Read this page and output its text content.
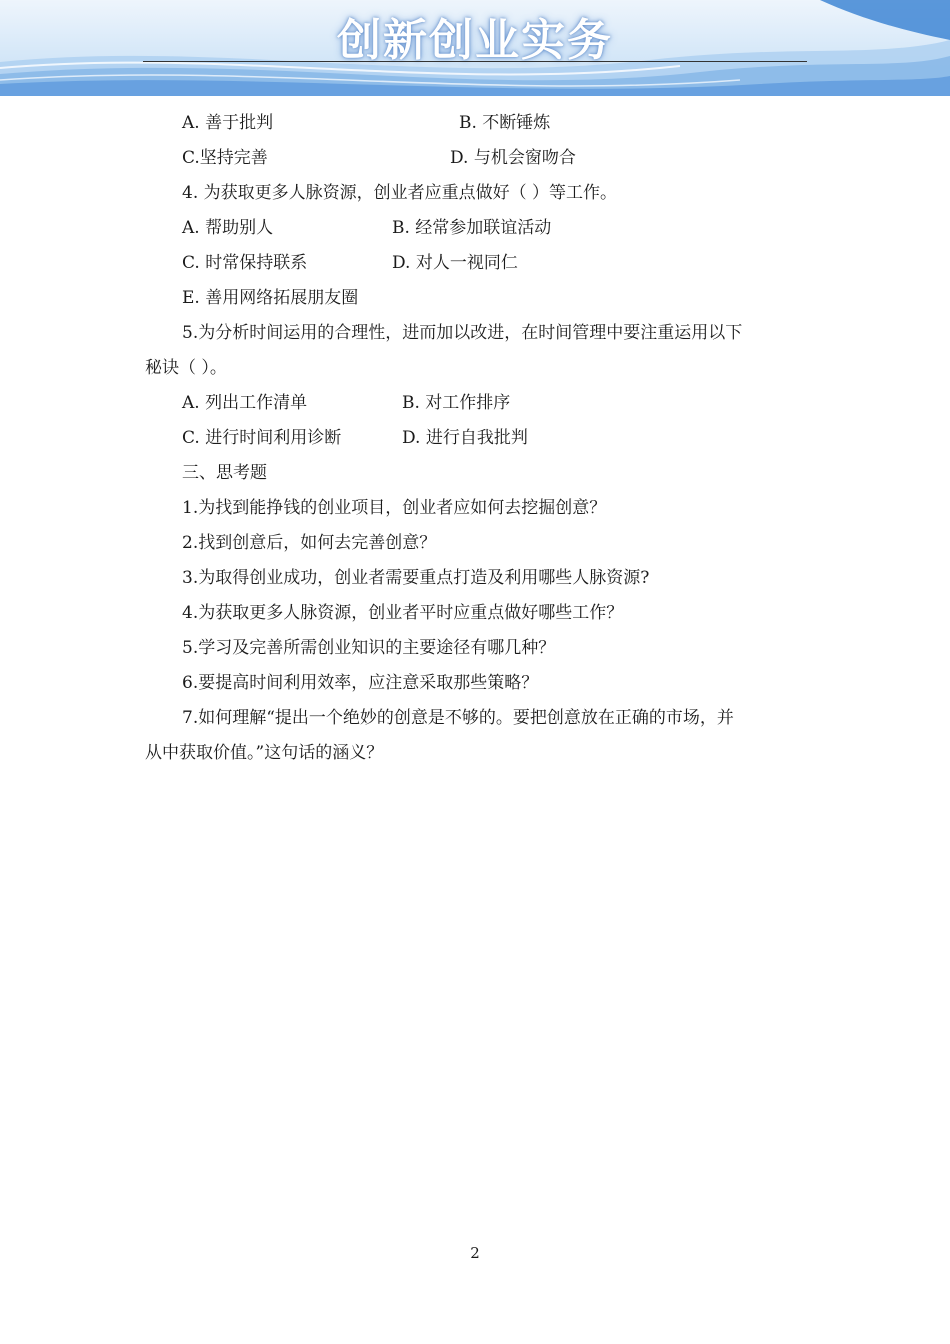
创新创业实务
A. 善于批判	B. 不断锤炼
C.坚持完善	D. 与机会窗吻合
4. 为获取更多人脉资源，创业者应重点做好（ ）等工作。
A. 帮助别人	B. 经常参加联谊活动
C. 时常保持联系	D. 对人一视同仁
E. 善用网络拓展朋友圈
5.为分析时间运用的合理性，进而加以改进，在时间管理中要注重运用以下
秘诀（ ）。
A. 列出工作清单	B. 对工作排序
C. 进行时间利用诊断	D. 进行自我批判
三、思考题
1.为找到能挣钱的创业项目，创业者应如何去挖掘创意？
2.找到创意后，如何去完善创意？
3.为取得创业成功，创业者需要重点打造及利用哪些人脉资源?
4.为获取更多人脉资源，创业者平时应重点做好哪些工作？
5.学习及完善所需创业知识的主要途径有哪几种？
6.要提高时间利用效率，应注意采取那些策略？
7.如何理解“提出一个绝妙的创意是不够的。要把创意放在正确的市场，并
从中获取价值。”这句话的涵义？
2
